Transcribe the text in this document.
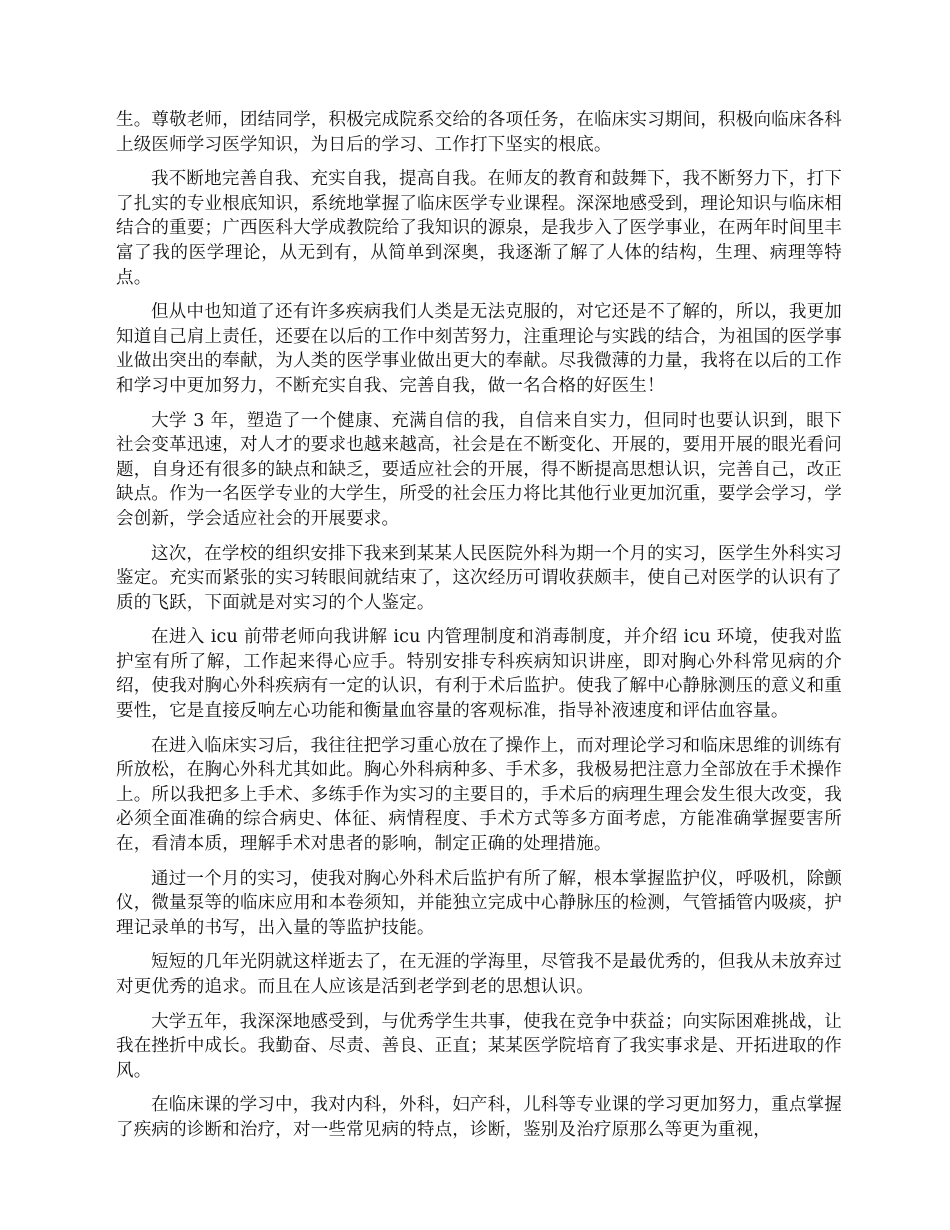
生。尊敬老师，团结同学，积极完成院系交给的各项任务，在临床实习期间，积极向临床各科上级医师学习医学知识，为日后的学习、工作打下坚实的根底。

我不断地完善自我、充实自我，提高自我。在师友的教育和鼓舞下，我不断努力下，打下了扎实的专业根底知识，系统地掌握了临床医学专业课程。深深地感受到，理论知识与临床相结合的重要；广西医科大学成教院给了我知识的源泉，是我步入了医学事业，在两年时间里丰富了我的医学理论，从无到有，从简单到深奥，我逐渐了解了人体的结构，生理、病理等特点。

但从中也知道了还有许多疾病我们人类是无法克服的，对它还是不了解的，所以，我更加知道自己肩上责任，还要在以后的工作中刻苦努力，注重理论与实践的结合，为祖国的医学事业做出突出的奉献，为人类的医学事业做出更大的奉献。尽我微薄的力量，我将在以后的工作和学习中更加努力，不断充实自我、完善自我，做一名合格的好医生！

大学 3 年，塑造了一个健康、充满自信的我，自信来自实力，但同时也要认识到，眼下社会变革迅速，对人才的要求也越来越高，社会是在不断变化、开展的，要用开展的眼光看问题，自身还有很多的缺点和缺乏，要适应社会的开展，得不断提高思想认识，完善自己，改正缺点。作为一名医学专业的大学生，所受的社会压力将比其他行业更加沉重，要学会学习，学会创新，学会适应社会的开展要求。

这次，在学校的组织安排下我来到某某人民医院外科为期一个月的实习，医学生外科实习鉴定。充实而紧张的实习转眼间就结束了，这次经历可谓收获颇丰，使自己对医学的认识有了质的飞跃，下面就是对实习的个人鉴定。

在进入 icu 前带老师向我讲解 icu 内管理制度和消毒制度，并介绍 icu 环境，使我对监护室有所了解，工作起来得心应手。特别安排专科疾病知识讲座，即对胸心外科常见病的介绍，使我对胸心外科疾病有一定的认识，有利于术后监护。使我了解中心静脉测压的意义和重要性，它是直接反响左心功能和衡量血容量的客观标准，指导补液速度和评估血容量。

在进入临床实习后，我往往把学习重心放在了操作上，而对理论学习和临床思维的训练有所放松，在胸心外科尤其如此。胸心外科病种多、手术多，我极易把注意力全部放在手术操作上。所以我把多上手术、多练手作为实习的主要目的，手术后的病理生理会发生很大改变，我必须全面准确的综合病史、体征、病情程度、手术方式等多方面考虑，方能准确掌握要害所在，看清本质，理解手术对患者的影响，制定正确的处理措施。

通过一个月的实习，使我对胸心外科术后监护有所了解，根本掌握监护仪，呼吸机，除颤仪，微量泵等的临床应用和本卷须知，并能独立完成中心静脉压的检测，气管插管内吸痰，护理记录单的书写，出入量的等监护技能。

短短的几年光阴就这样逝去了，在无涯的学海里，尽管我不是最优秀的，但我从未放弃过对更优秀的追求。而且在人应该是活到老学到老的思想认识。

大学五年，我深深地感受到，与优秀学生共事，使我在竞争中获益；向实际困难挑战，让我在挫折中成长。我勤奋、尽责、善良、正直；某某医学院培育了我实事求是、开拓进取的作风。

在临床课的学习中，我对内科，外科，妇产科，儿科等专业课的学习更加努力，重点掌握了疾病的诊断和治疗，对一些常见病的特点，诊断，鉴别及治疗原那么等更为重视，
